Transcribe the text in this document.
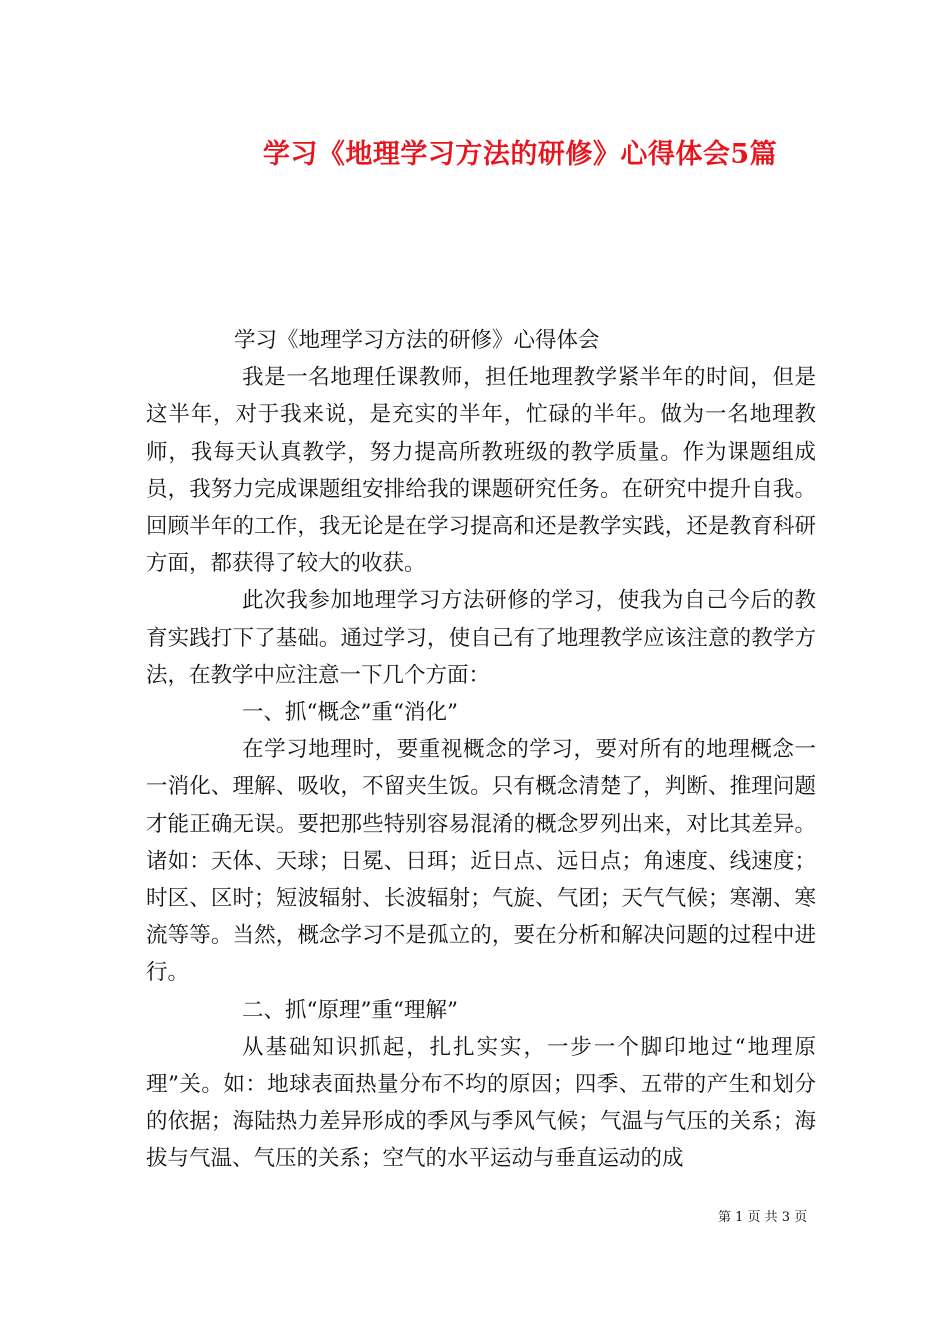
学习《地理学习方法的研修》心得体会5篇

学习《地理学习方法的研修》心得体会

我是一名地理任课教师，担任地理教学紧半年的时间，但是这半年，对于我来说，是充实的半年，忙碌的半年。做为一名地理教师，我每天认真教学，努力提高所教班级的教学质量。作为课题组成员，我努力完成课题组安排给我的课题研究任务。在研究中提升自我。回顾半年的工作，我无论是在学习提高和还是教学实践，还是教育科研方面，都获得了较大的收获。

此次我参加地理学习方法研修的学习，使我为自己今后的教育实践打下了基础。通过学习，使自己有了地理教学应该注意的教学方法，在教学中应注意一下几个方面：

一、抓“概念”重“消化”

在学习地理时，要重视概念的学习，要对所有的地理概念一一消化、理解、吸收，不留夹生饭。只有概念清楚了，判断、推理问题才能正确无误。要把那些特别容易混淆的概念罗列出来，对比其差异。诸如：天体、天球；日冕、日珥；近日点、远日点；角速度、线速度；时区、区时；短波辐射、长波辐射；气旋、气团；天气气候；寒潮、寒流等等。当然，概念学习不是孤立的，要在分析和解决问题的过程中进行。

二、抓“原理”重“理解”

从基础知识抓起，扎扎实实，一步一个脚印地过“地理原理”关。如：地球表面热量分布不均的原因；四季、五带的产生和划分的依据；海陆热力差异形成的季风与季风气候；气温与气压的关系；海拔与气温、气压的关系；空气的水平运动与垂直运动的成

第 1 页 共 3 页
